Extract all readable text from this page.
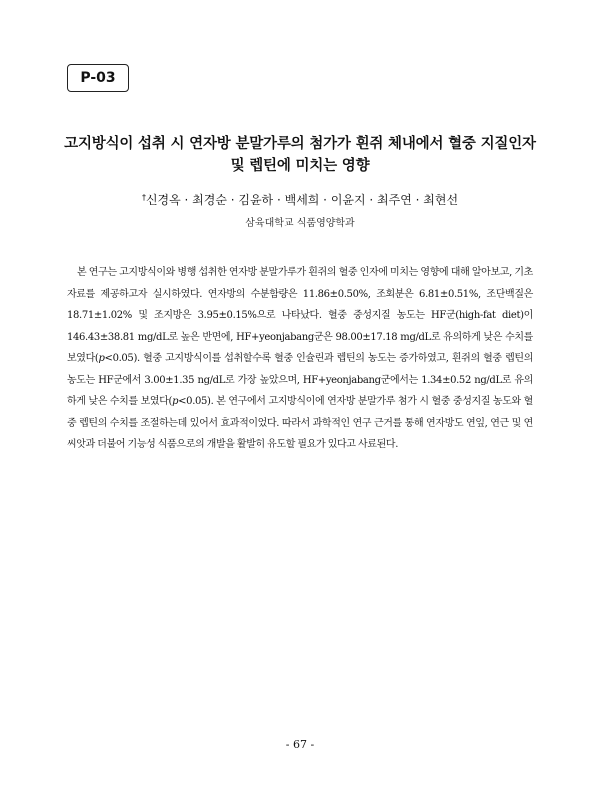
P-03
고지방식이 섭취 시 연자방 분말가루의 첨가가 흰쥐 체내에서 혈중 지질인자
및 렙틴에 미치는 영향
†신경옥 · 최경순 · 김윤하 · 백세희 · 이윤지 · 최주연 · 최현선
삼육대학교 식품영양학과

본 연구는 고지방식이와 병행 섭취한 연자방 분말가루가 흰쥐의 혈중 인자에 미치는 영향에 대해 알아보고, 기초자료를 제공하고자 실시하였다. 연자방의 수분함량은 11.86±0.50%, 조회분은 6.81±0.51%, 조단백질은 18.71±1.02% 및 조지방은 3.95±0.15%으로 나타났다. 혈중 중성지질 농도는 HF군(high-fat diet)이 146.43±38.81 mg/dL로 높은 반면에, HF+yeonjabang군은 98.00±17.18 mg/dL로 유의하게 낮은 수치를 보였다(p<0.05). 혈중 고지방식이를 섭취할수록 혈중 인슐린과 렙틴의 농도는 증가하였고, 흰쥐의 혈중 렙틴의 농도는 HF군에서 3.00±1.35 ng/dL로 가장 높았으며, HF+yeonjabang군에서는 1.34±0.52 ng/dL로 유의하게 낮은 수치를 보였다(p<0.05). 본 연구에서 고지방식이에 연자방 분말가루 첨가 시 혈중 중성지질 농도와 혈중 렙틴의 수치를 조절하는데 있어서 효과적이었다. 따라서 과학적인 연구 근거를 통해 연자방도 연잎, 연근 및 연 씨앗과 더불어 기능성 식품으로의 개발을 활발히 유도할 필요가 있다고 사료된다.

- 67 -
